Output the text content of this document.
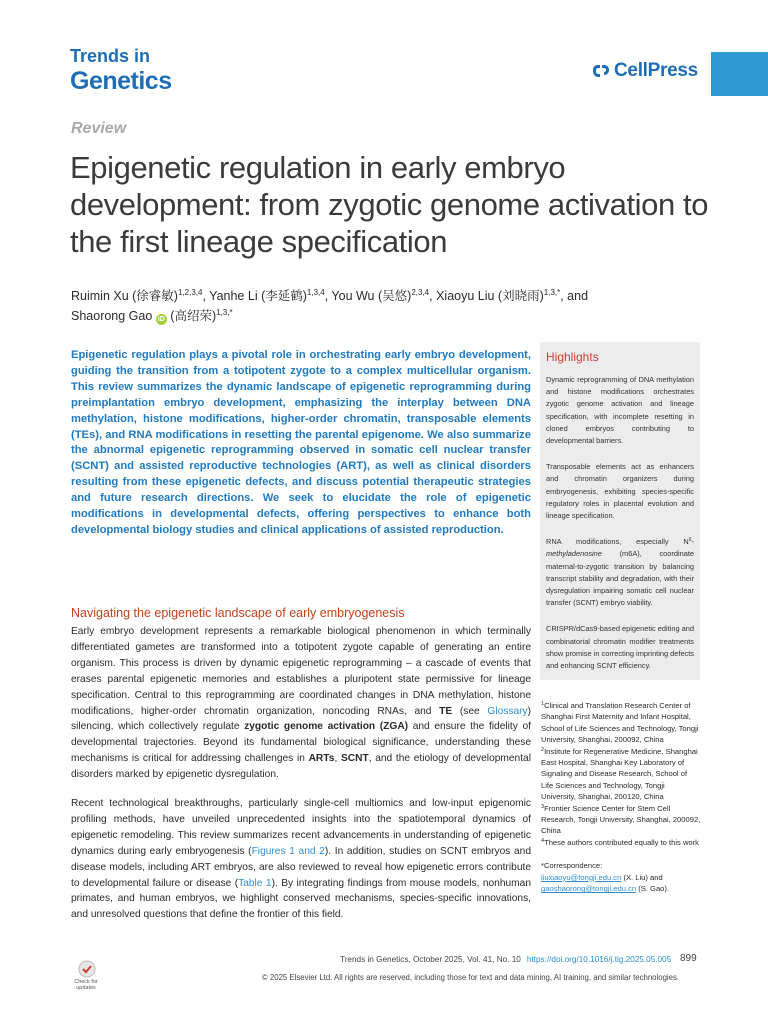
Trends in
Genetics	CellPress
Review
Epigenetic regulation in early embryo development: from zygotic genome activation to the first lineage specification
Ruimin Xu (徐睿敏)$^{1,2,3,4}$, Yanhe Li (李延鹤)$^{1,3,4}$, You Wu (吴悠)$^{2,3,4}$, Xiaoyu Liu (刘晓雨)$^{1,3,*}$, and
Shaorong Gao iD (高绍荣)$^{1,3,*}$

Epigenetic regulation plays a pivotal role in orchestrating early embryo development, guiding the transition from a totipotent zygote to a complex multicellular organism. This review summarizes the dynamic landscape of epigenetic reprogramming during preimplantation embryo development, emphasizing the interplay between DNA methylation, histone modifications, higher-order chromatin, transposable elements (TEs), and RNA modifications in resetting the parental epigenome. We also summarize the abnormal epigenetic reprogramming observed in somatic cell nuclear transfer (SCNT) and assisted reproductive technologies (ART), as well as clinical disorders resulting from these epigenetic defects, and discuss potential therapeutic strategies and future research directions. We seek to elucidate the role of epigenetic modifications in developmental defects, offering perspectives to enhance both developmental biology studies and clinical applications of assisted reproduction.

Highlights

Dynamic reprogramming of DNA methylation and histone modifications orchestrates zygotic genome activation and lineage specification, with incomplete resetting in cloned embryos contributing to developmental barriers.

Transposable elements act as enhancers and chromatin organizers during embryogenesis, exhibiting species-specific regulatory roles in placental evolution and lineage specification.

RNA modifications, especially $N^6$-methyladenosine (m6A), coordinate maternal-to-zygotic transition by balancing transcript stability and degradation, with their dysregulation impairing somatic cell nuclear transfer (SCNT) embryo viability.

CRISPR/dCas9-based epigenetic editing and combinatorial chromatin modifier treatments show promise in correcting imprinting defects and enhancing SCNT efficiency.

Navigating the epigenetic landscape of early embryogenesis

Early embryo development represents a remarkable biological phenomenon in which terminally differentiated gametes are transformed into a totipotent zygote capable of generating an entire organism. This process is driven by dynamic epigenetic reprogramming – a cascade of events that erases parental epigenetic memories and establishes a pluripotent state permissive for lineage specification. Central to this reprogramming are coordinated changes in DNA methylation, histone modifications, higher-order chromatin organization, noncoding RNAs, and TE (see Glossary) silencing, which collectively regulate zygotic genome activation (ZGA) and ensure the fidelity of developmental trajectories. Beyond its fundamental biological significance, understanding these mechanisms is critical for addressing challenges in ARTs, SCNT, and the etiology of developmental disorders marked by epigenetic dysregulation.

Recent technological breakthroughs, particularly single-cell multiomics and low-input epigenomic profiling methods, have unveiled unprecedented insights into the spatiotemporal dynamics of epigenetic remodeling. This review summarizes recent advancements in understanding of epigenetic dynamics during early embryogenesis (Figures 1 and 2). In addition, studies on SCNT embryos and disease models, including ART embryos, are also reviewed to reveal how epigenetic errors contribute to developmental failure or disease (Table 1). By integrating findings from mouse models, nonhuman primates, and human embryos, we highlight conserved mechanisms, species-specific innovations, and unresolved questions that define the frontier of this field.

$^1$Clinical and Translation Research Center of Shanghai First Maternity and Infant Hospital, School of Life Sciences and Technology, Tongji University, Shanghai, 200092, China
$^2$Institute for Regenerative Medicine, Shanghai East Hospital, Shanghai Key Laboratory of Signaling and Disease Research, School of Life Sciences and Technology, Tongji University, Shanghai, 200120, China
$^3$Frontier Science Center for Stem Cell Research, Tongji University, Shanghai, 200092, China
$^4$These authors contributed equally to this work
*Correspondence:
liuxiaoyu@tongji.edu.cn (X. Liu) and
gaoshaorong@tongji.edu.cn (S. Gao).
Check for
updates
Trends in Genetics, October 2025, Vol. 41, No. 10 https://doi.org/10.1016/j.tig.2025.05.005 899
© 2025 Elsevier Ltd. All rights are reserved, including those for text and data mining, AI training, and similar technologies.
